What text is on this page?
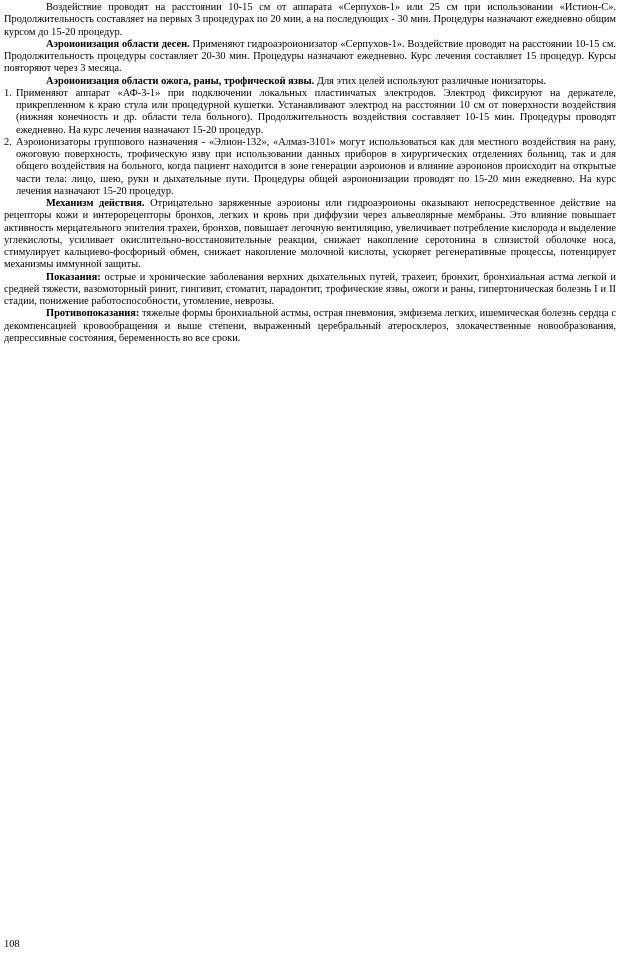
Воздействие проводят на расстоянии 10-15 см от аппарата «Серпухов-1» или 25 см при использовании «Истион-С». Продолжительность составляет на первых 3 процедурах по 20 мин, а на последующих - 30 мин. Процедуры назначают ежедневно общим курсом до 15-20 процедур.

Аэроионизация области десен. Применяют гидроаэроионизатор «Серпухов-1». Воздействие проводят на расстоянии 10-15 см. Продолжительность процедуры составляет 20-30 мин. Процедуры назначают ежедневно. Курс лечения составляет 15 процедур. Курсы повторяют через 3 месяца.

Аэроионизация области ожога, раны, трофической язвы. Для этих целей используют различные ионизаторы.

1. Применяют аппарат «АФ-3-1» при подключении локальных пластинчатых электродов. Электрод фиксируют на держателе, прикрепленном к краю стула или процедурной кушетки. Устанавливают электрод на расстоянии 10 см от поверхности воздействия (нижняя конечность и др. области тела больного). Продолжительность воздействия составляет 10-15 мин. Процедуры проводят ежедневно. На курс лечения назначают 15-20 процедур.
2. Аэроионизаторы группового назначения - «Элион-132», «Алмаз-3101» могут использоваться как для местного воздействия на рану, ожоговую поверхность, трофическую язву при использовании данных приборов в хирургических отделениях больниц, так и для общего воздействия на больного, когда пациент находится в зоне генерации аэроионов и влияние аэроионов происходит на открытые части тела: лицо, шею, руки и дыхательные пути. Процедуры общей аэроионизации проводят по 15-20 мин ежедневно. На курс лечения назначают 15-20 процедур.

Механизм действия. Отрицательно заряженные аэроионы или гидроаэроионы оказывают непосредственное действие на рецепторы кожи и интерорецепторы бронхов, легких и кровь при диффузии через альвеолярные мембраны. Это влияние повышает активность мерцательного эпителия трахеи, бронхов, повышает легочную вентиляцию, увеличивает потребление кислорода и выделение углекислоты, усиливает окислительно-восстановительные реакции, снижает накопление серотонина в слизистой оболочке носа, стимулирует кальциево-фосфорный обмен, снижает накопление молочной кислоты, ускоряет регенеративные процессы, потенцирует механизмы иммунной защиты.

Показания: острые и хронические заболевания верхних дыхательных путей, трахеит, бронхит, бронхиальная астма легкой и средней тяжести, вазомоторный ринит, гингивит, стоматит, парадонтит, трофические язвы, ожоги и раны, гипертоническая болезнь I и II стадии, понижение работоспособности, утомление, неврозы.

Противопоказания: тяжелые формы бронхиальной астмы, острая пневмония, эмфизема легких, ишемическая болезнь сердца с декомпенсацией кровообращения и выше степени, выраженный церебральный атеросклероз, злокачественные новообразования, депрессивные состояния, беременность во все сроки.

108
